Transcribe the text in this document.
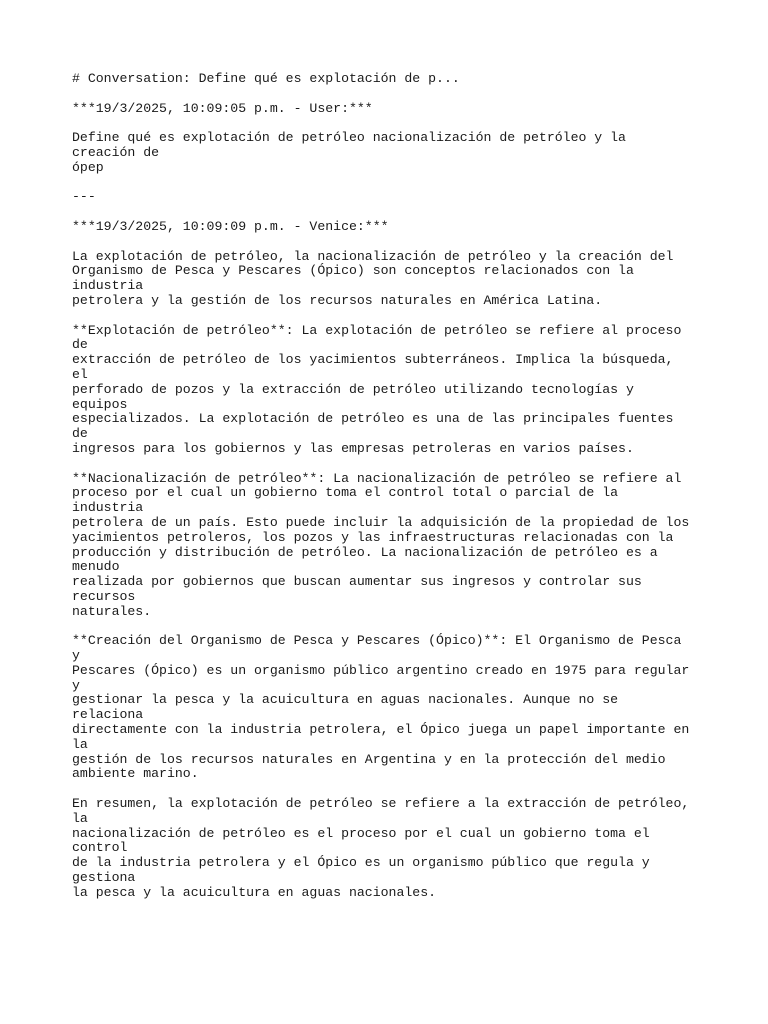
# Conversation: Define qué es explotación de p...
***19/3/2025, 10:09:05 p.m. - User:***
Define qué es explotación de petróleo nacionalización de petróleo y la creación de
ópep
---
***19/3/2025, 10:09:09 p.m. - Venice:***
La explotación de petróleo, la nacionalización de petróleo y la creación del
Organismo de Pesca y Pescares (Ópico) son conceptos relacionados con la industria
petrolera y la gestión de los recursos naturales en América Latina.
**Explotación de petróleo**: La explotación de petróleo se refiere al proceso de
extracción de petróleo de los yacimientos subterráneos. Implica la búsqueda, el
perforado de pozos y la extracción de petróleo utilizando tecnologías y equipos
especializados. La explotación de petróleo es una de las principales fuentes de
ingresos para los gobiernos y las empresas petroleras en varios países.
**Nacionalización de petróleo**: La nacionalización de petróleo se refiere al
proceso por el cual un gobierno toma el control total o parcial de la industria
petrolera de un país. Esto puede incluir la adquisición de la propiedad de los
yacimientos petroleros, los pozos y las infraestructuras relacionadas con la
producción y distribución de petróleo. La nacionalización de petróleo es a menudo
realizada por gobiernos que buscan aumentar sus ingresos y controlar sus recursos
naturales.
**Creación del Organismo de Pesca y Pescares (Ópico)**: El Organismo de Pesca y
Pescares (Ópico) es un organismo público argentino creado en 1975 para regular y
gestionar la pesca y la acuicultura en aguas nacionales. Aunque no se relaciona
directamente con la industria petrolera, el Ópico juega un papel importante en la
gestión de los recursos naturales en Argentina y en la protección del medio
ambiente marino.
En resumen, la explotación de petróleo se refiere a la extracción de petróleo, la
nacionalización de petróleo es el proceso por el cual un gobierno toma el control
de la industria petrolera y el Ópico es un organismo público que regula y gestiona
la pesca y la acuicultura en aguas nacionales.
